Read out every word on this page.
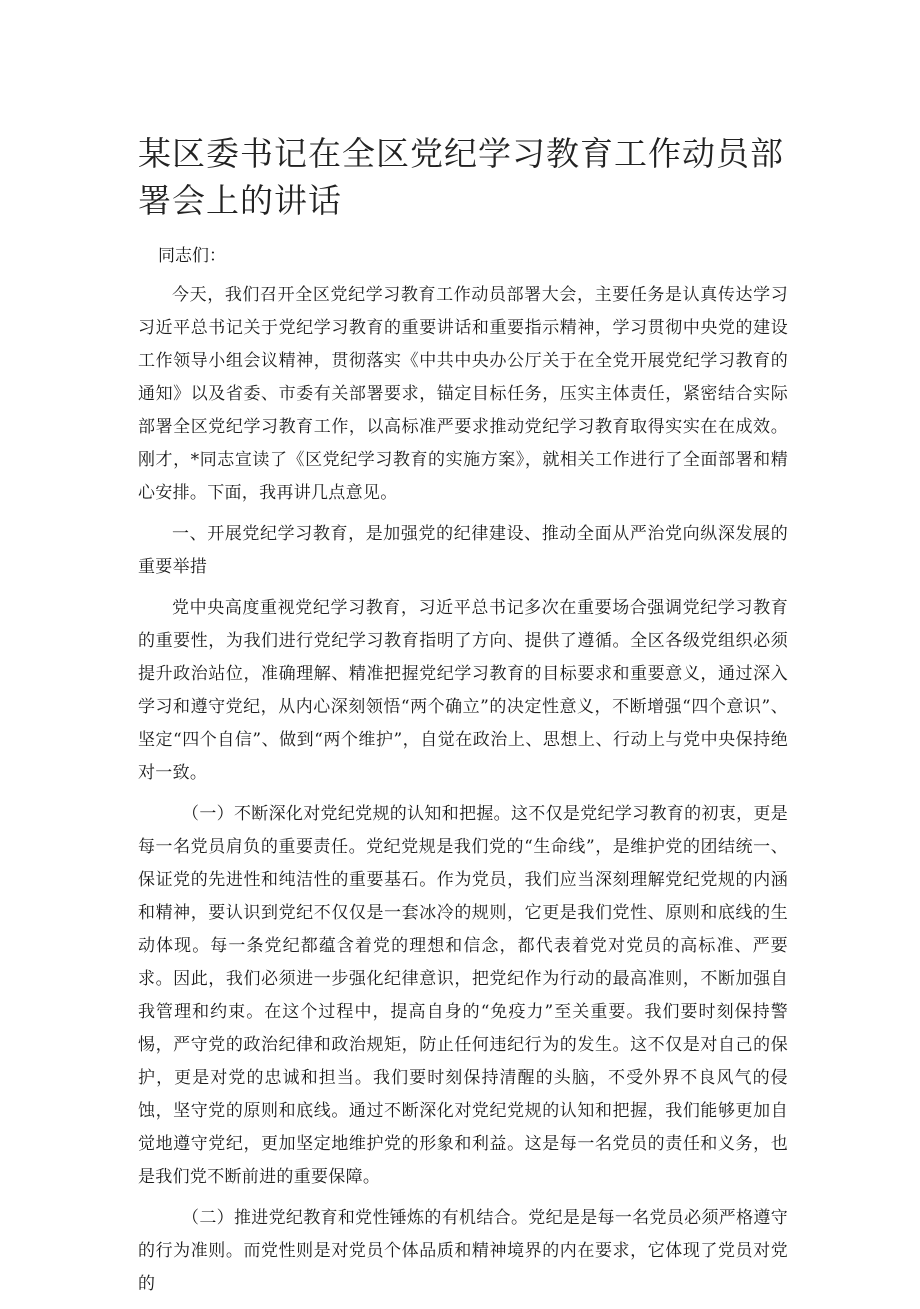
某区委书记在全区党纪学习教育工作动员部署会上的讲话

同志们：

今天，我们召开全区党纪学习教育工作动员部署大会，主要任务是认真传达学习习近平总书记关于党纪学习教育的重要讲话和重要指示精神，学习贯彻中央党的建设工作领导小组会议精神，贯彻落实《中共中央办公厅关于在全党开展党纪学习教育的通知》以及省委、市委有关部署要求，锚定目标任务，压实主体责任，紧密结合实际部署全区党纪学习教育工作，以高标准严要求推动党纪学习教育取得实实在在成效。刚才，*同志宣读了《区党纪学习教育的实施方案》，就相关工作进行了全面部署和精心安排。下面，我再讲几点意见。

一、开展党纪学习教育，是加强党的纪律建设、推动全面从严治党向纵深发展的重要举措

党中央高度重视党纪学习教育，习近平总书记多次在重要场合强调党纪学习教育的重要性，为我们进行党纪学习教育指明了方向、提供了遵循。全区各级党组织必须提升政治站位，准确理解、精准把握党纪学习教育的目标要求和重要意义，通过深入学习和遵守党纪，从内心深刻领悟“两个确立”的决定性意义，不断增强“四个意识”、坚定“四个自信”、做到“两个维护”，自觉在政治上、思想上、行动上与党中央保持绝对一致。

（一）不断深化对党纪党规的认知和把握。这不仅是党纪学习教育的初衷，更是每一名党员肩负的重要责任。党纪党规是我们党的“生命线”，是维护党的团结统一、保证党的先进性和纯洁性的重要基石。作为党员，我们应当深刻理解党纪党规的内涵和精神，要认识到党纪不仅仅是一套冰冷的规则，它更是我们党性、原则和底线的生动体现。每一条党纪都蕴含着党的理想和信念，都代表着党对党员的高标准、严要求。因此，我们必须进一步强化纪律意识，把党纪作为行动的最高准则，不断加强自我管理和约束。在这个过程中，提高自身的“免疫力”至关重要。我们要时刻保持警惕，严守党的政治纪律和政治规矩，防止任何违纪行为的发生。这不仅是对自己的保护，更是对党的忠诚和担当。我们要时刻保持清醒的头脑，不受外界不良风气的侵蚀，坚守党的原则和底线。通过不断深化对党纪党规的认知和把握，我们能够更加自觉地遵守党纪，更加坚定地维护党的形象和利益。这是每一名党员的责任和义务，也是我们党不断前进的重要保障。

（二）推进党纪教育和党性锤炼的有机结合。党纪是是每一名党员必须严格遵守的行为准则。而党性则是对党员个体品质和精神境界的内在要求，它体现了党员对党的
